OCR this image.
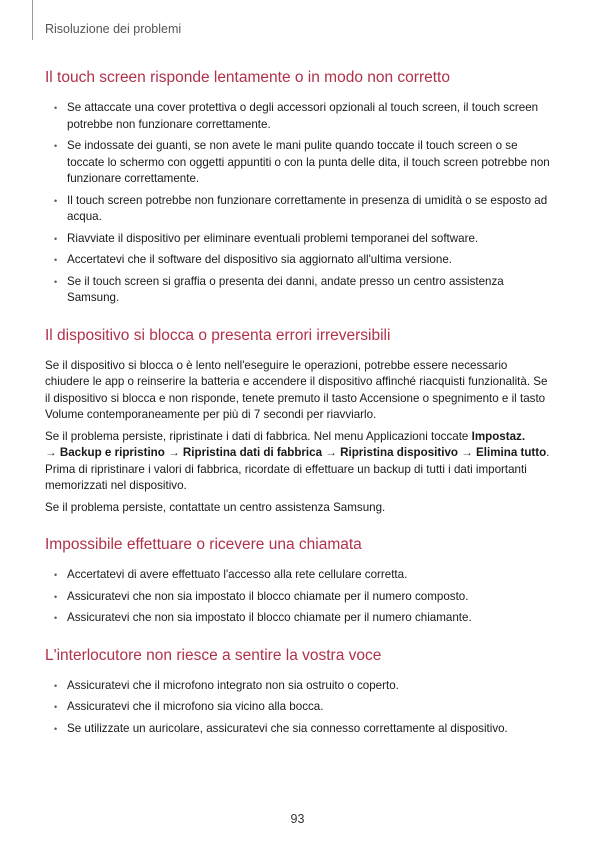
Risoluzione dei problemi
Il touch screen risponde lentamente o in modo non corretto
• Se attaccate una cover protettiva o degli accessori opzionali al touch screen, il touch screen potrebbe non funzionare correttamente.
• Se indossate dei guanti, se non avete le mani pulite quando toccate il touch screen o se toccate lo schermo con oggetti appuntiti o con la punta delle dita, il touch screen potrebbe non funzionare correttamente.
• Il touch screen potrebbe non funzionare correttamente in presenza di umidità o se esposto ad acqua.
• Riavviate il dispositivo per eliminare eventuali problemi temporanei del software.
• Accertatevi che il software del dispositivo sia aggiornato all'ultima versione.
• Se il touch screen si graffia o presenta dei danni, andate presso un centro assistenza Samsung.
Il dispositivo si blocca o presenta errori irreversibili

Se il dispositivo si blocca o è lento nell'eseguire le operazioni, potrebbe essere necessario chiudere le app o reinserire la batteria e accendere il dispositivo affinché riacquisti funzionalità. Se il dispositivo si blocca e non risponde, tenete premuto il tasto Accensione o spegnimento e il tasto Volume contemporaneamente per più di 7 secondi per riavviarlo.

Se il problema persiste, ripristinate i dati di fabbrica. Nel menu Applicazioni toccate Impostaz.
→ Backup e ripristino → Ripristina dati di fabbrica → Ripristina dispositivo → Elimina tutto.
Prima di ripristinare i valori di fabbrica, ricordate di effettuare un backup di tutti i dati importanti memorizzati nel dispositivo.

Se il problema persiste, contattate un centro assistenza Samsung.

Impossibile effettuare o ricevere una chiamata
• Accertatevi di avere effettuato l'accesso alla rete cellulare corretta.
• Assicuratevi che non sia impostato il blocco chiamate per il numero composto.
• Assicuratevi che non sia impostato il blocco chiamate per il numero chiamante.
L'interlocutore non riesce a sentire la vostra voce
• Assicuratevi che il microfono integrato non sia ostruito o coperto.
• Assicuratevi che il microfono sia vicino alla bocca.
• Se utilizzate un auricolare, assicuratevi che sia connesso correttamente al dispositivo.
93
